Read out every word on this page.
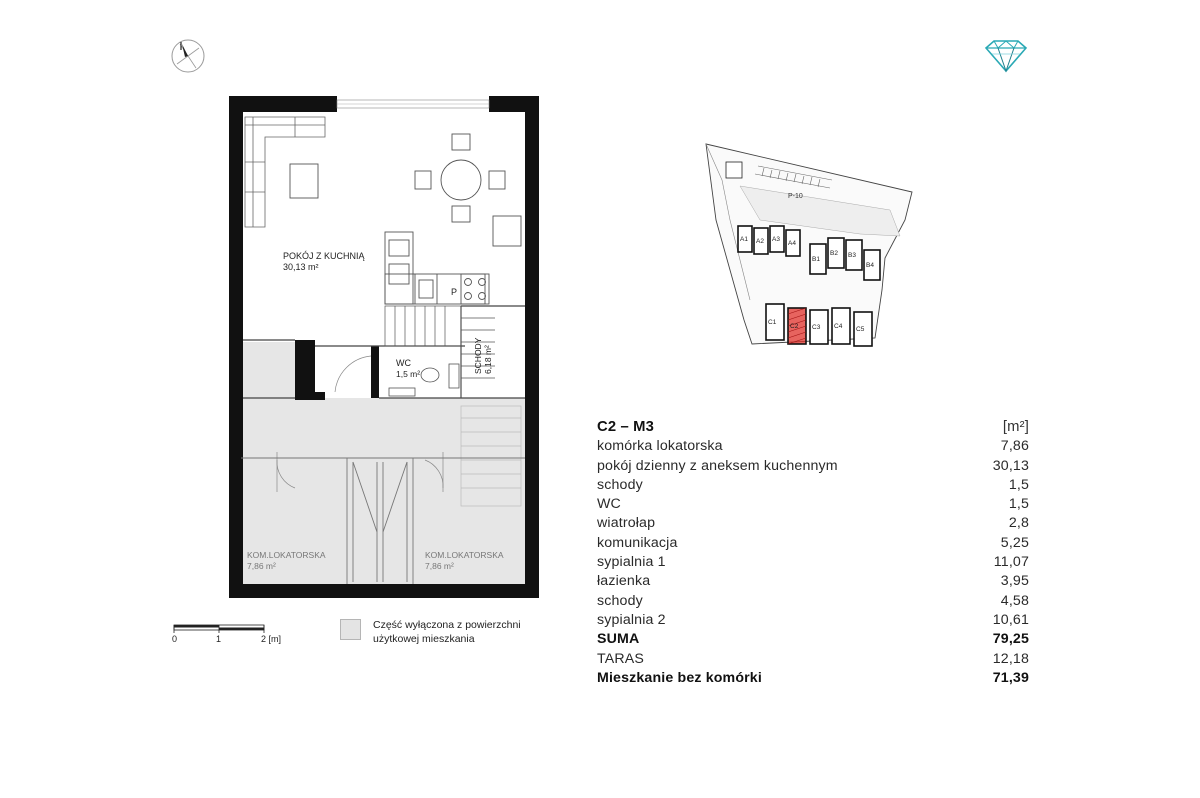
P
POKÓJ Z KUCHNIĄ
30,13 m²
WC
1,5 m²	SCHODY 6,18 m²
KOM.LOKATORSKA
7,86 m²
KOM.LOKATORSKA
7,86 m²
0	1	2 [m]
Część wyłączona z powierzchni użytkowej mieszkania
P-10
A1 A2 A3
A4
B1
B2 B3
B4
C1
C2 C3 C4 C5
C2 – M3	[m²]
komórka lokatorska	7,86
pokój dzienny z aneksem kuchennym	30,13
schody	1,5
WC	1,5
wiatrołap	2,8
komunikacja	5,25
sypialnia 1	11,07
łazienka	3,95
schody	4,58
sypialnia 2	10,61
SUMA	79,25
TARAS	12,18
Mieszkanie bez komórki	71,39
